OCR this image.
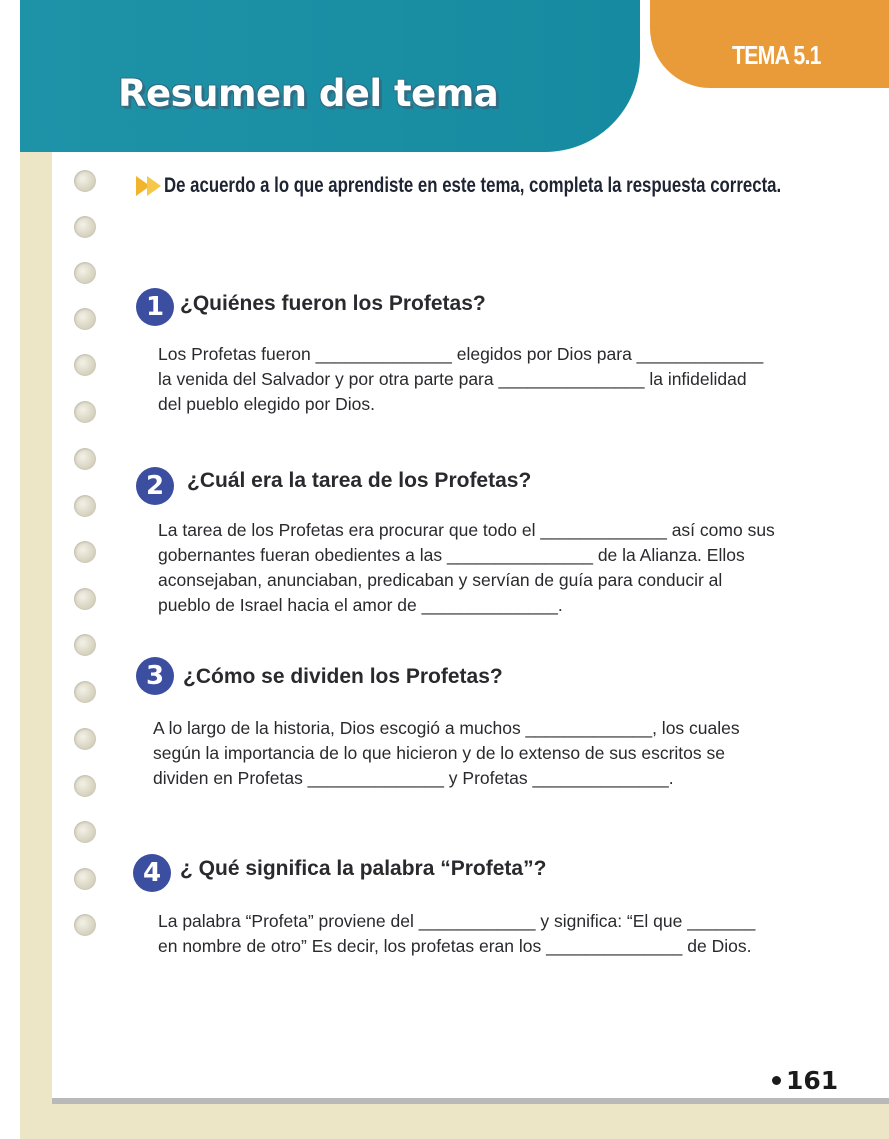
Resumen del tema
TEMA 5.1
De acuerdo a lo que aprendiste en este tema, completa la respuesta correcta.
1 ¿Quiénes fueron los Profetas?

Los Profetas fueron ______________ elegidos por Dios para _____________

la venida del Salvador y por otra parte para _______________ la infidelidad

del pueblo elegido por Dios.

2	¿Cuál era la tarea de los Profetas?

La tarea de los Profetas era procurar que todo el _____________ así como sus

gobernantes fueran obedientes a las _______________ de la Alianza. Ellos

aconsejaban, anunciaban, predicaban y servían de guía para conducir al

pueblo de Israel hacia el amor de ______________.

3 ¿Cómo se dividen los Profetas?

A lo largo de la historia, Dios escogió a muchos _____________, los cuales

según la importancia de lo que hicieron y de lo extenso de sus escritos se

dividen en Profetas ______________ y Profetas ______________.

4 ¿ Qué significa la palabra “Profeta”?

La palabra “Profeta” proviene del ____________ y significa: “El que _______

en nombre de otro” Es decir, los profetas eran los ______________ de Dios.

161
